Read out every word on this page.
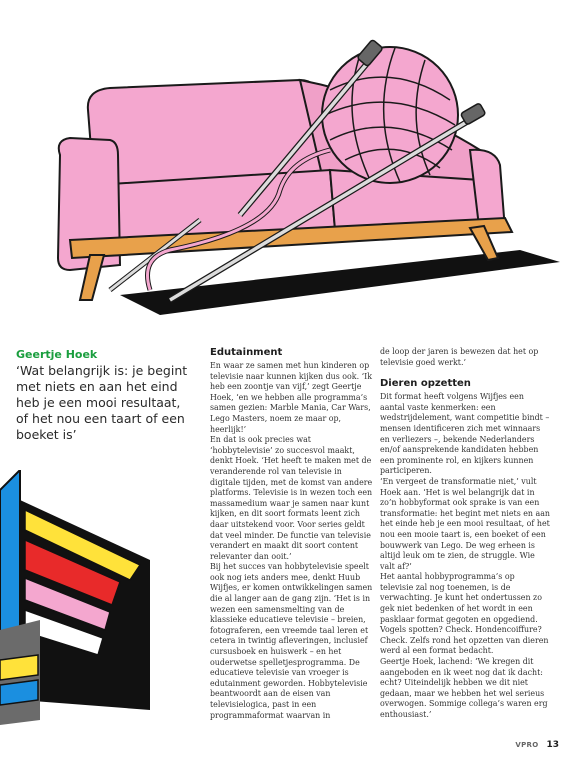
Geertje Hoek

‘Wat belangrijk is: je begint met niets en aan het eind heb je een mooi resultaat, of het nou een taart of een boeket is’

Edutainment

En waar ze samen met hun kinderen op televisie naar kunnen kijken dus ook. ‘Ik heb een zoontje van vijf,’ zegt Geertje Hoek, ‘en we hebben alle programma’s samen gezien: Marble Mania, Car Wars, Lego Masters, noem ze maar op, heerlijk!’

En dat is ook precies wat ‘hobbytelevisie’ zo succesvol maakt, denkt Hoek. ‘Het heeft te maken met de veranderende rol van televisie in digitale tijden, met de komst van andere platforms. Televisie is in wezen toch een massamedium waar je samen naar kunt kijken, en dit soort formats leent zich daar uitstekend voor. Voor series geldt dat veel minder. De functie van televisie verandert en maakt dit soort content relevanter dan ooit.’

Bij het succes van hobbytelevisie speelt ook nog iets anders mee, denkt Huub Wijfjes, er komen ontwikkelingen samen die al langer aan de gang zijn. ‘Het is in wezen een samensmelting van de klassieke educatieve televisie – breien, fotograferen, een vreemde taal leren et cetera in twintig afleveringen, inclusief cursusboek en huiswerk – en het ouderwetse spelletjesprogramma. De educatieve televisie van vroeger is edutainment geworden. Hobbytelevisie beantwoordt aan de eisen van televisielogica, past in een programmaformat waarvan in

de loop der jaren is bewezen dat het op televisie goed werkt.’

Dieren opzetten

Dit format heeft volgens Wijfjes een aantal vaste kenmerken: een wedstrijdelement, want competitie bindt – mensen identificeren zich met winnaars en verliezers –, bekende Nederlanders en/of aansprekende kandidaten hebben een prominente rol, en kijkers kunnen participeren.

‘En vergeet de transformatie niet,’ vult Hoek aan. ‘Het is wel belangrijk dat in zo’n hobbyformat ook sprake is van een transformatie: het begint met niets en aan het einde heb je een mooi resultaat, of het nou een mooie taart is, een boeket of een bouwwerk van Lego. De weg erheen is altijd leuk om te zien, de struggle. Wie valt af?’

Het aantal hobbyprogramma’s op televisie zal nog toenemen, is de verwachting. Je kunt het ondertussen zo gek niet bedenken of het wordt in een pasklaar format gegoten en opgediend. Vogels spotten? Check. Hondencoiffure? Check. Zelfs rond het opzetten van dieren werd al een format bedacht.

Geertje Hoek, lachend: ‘We kregen dit aangeboden en ik weet nog dat ik dacht: echt? Uiteindelijk hebben we dit niet gedaan, maar we hebben het wel serieus overwogen. Sommige collega’s waren erg enthousiast.’

VPRO 13
